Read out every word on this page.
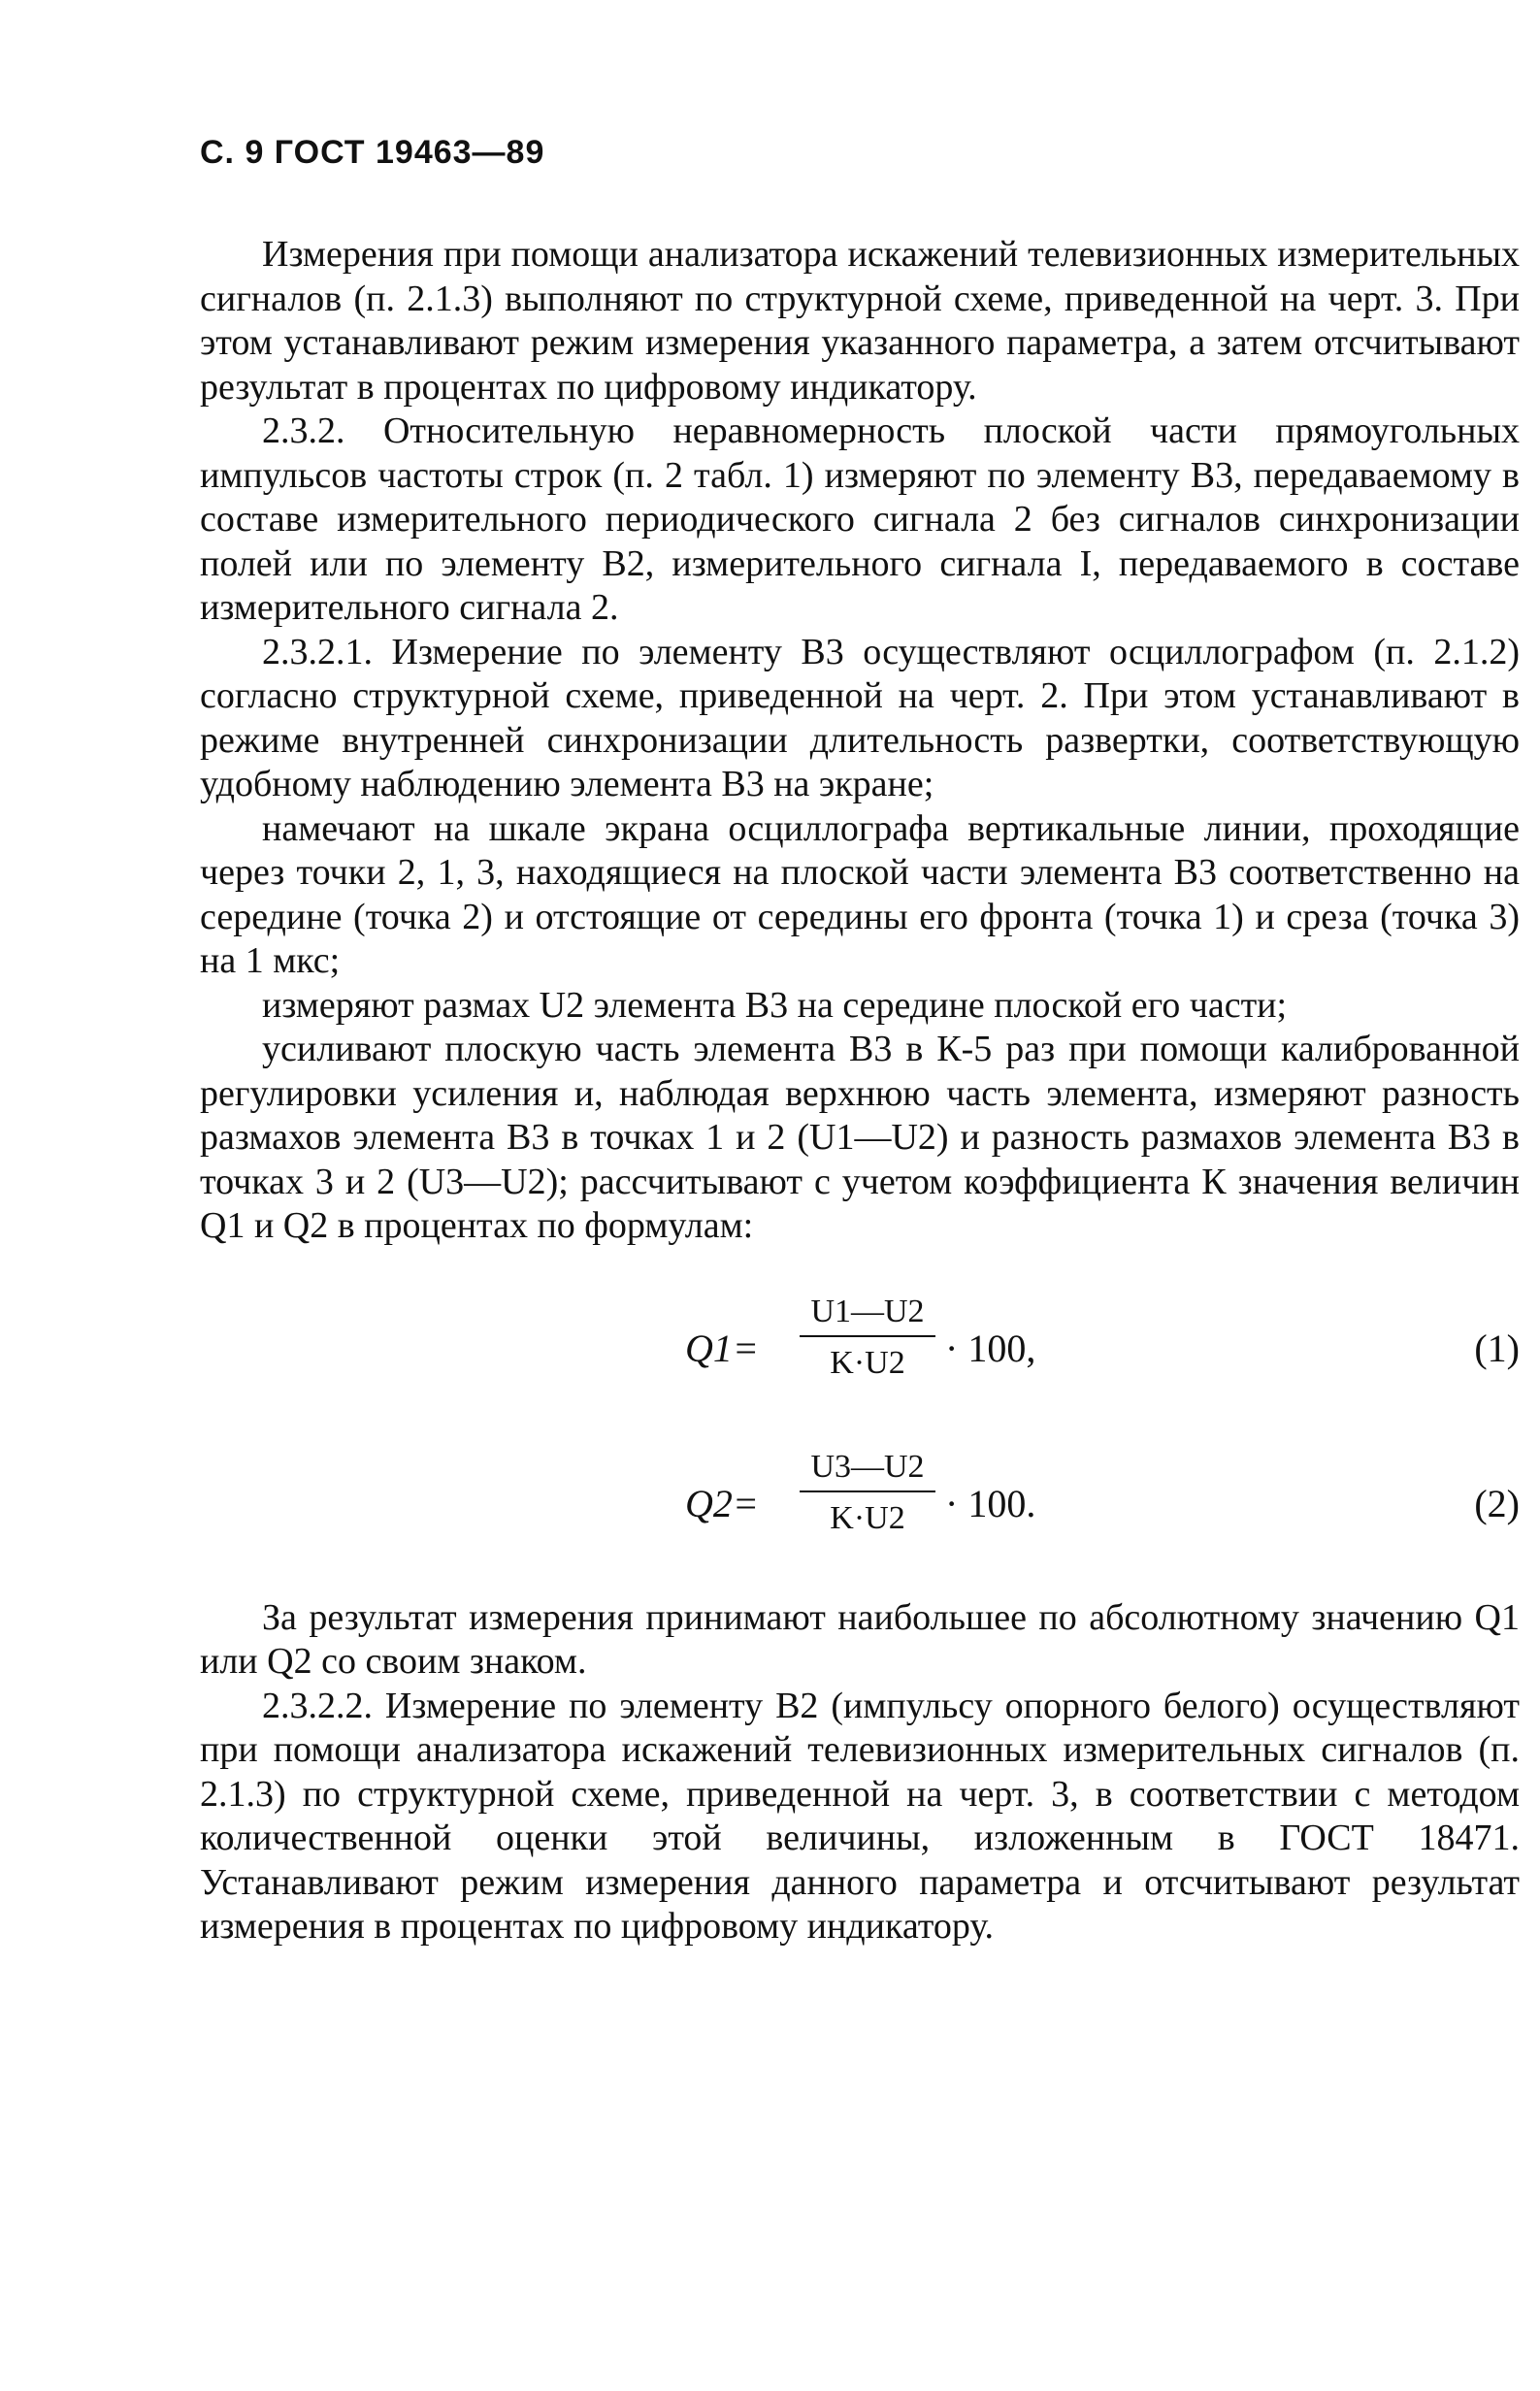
С. 9 ГОСТ 19463—89

Измерения при помощи анализатора искажений телевизионных измерительных сигналов (п. 2.1.3) выполняют по структурной схеме, приведенной на черт. 3. При этом устанавливают режим измерения указанного параметра, а затем отсчитывают результат в процентах по цифровому индикатору.

2.3.2. Относительную неравномерность плоской части прямоугольных импульсов частоты строк (п. 2 табл. 1) измеряют по элементу В3, передаваемому в составе измерительного периодического сигнала 2 без сигналов синхронизации полей или по элементу В2, измерительного сигнала I, передаваемого в составе измерительного сигнала 2.

2.3.2.1. Измерение по элементу В3 осуществляют осциллографом (п. 2.1.2) согласно структурной схеме, приведенной на черт. 2. При этом устанавливают в режиме внутренней синхронизации длительность развертки, соответствующую удобному наблюдению элемента В3 на экране;

намечают на шкале экрана осциллографа вертикальные линии, проходящие через точки 2, 1, 3, находящиеся на плоской части элемента В3 соответственно на середине (точка 2) и отстоящие от середины его фронта (точка 1) и среза (точка 3) на 1 мкс;

измеряют размах U2 элемента В3 на середине плоской его части;

усиливают плоскую часть элемента В3 в К-5 раз при помощи калиброванной регулировки усиления и, наблюдая верхнюю часть элемента, измеряют разность размахов элемента В3 в точках 1 и 2 (U1—U2) и разность размахов элемента В3 в точках 3 и 2 (U3—U2); рассчитывают с учетом коэффициента К значения величин Q1 и Q2 в процентах по формулам:

$Q1= \frac{U1—U2}{K\cdot U2} \cdot 100$,	(1)
$Q2= \frac{U3—U2}{K\cdot U2} \cdot 100$.	(2)

За результат измерения принимают наибольшее по абсолютному значению Q1 или Q2 со своим знаком.

2.3.2.2. Измерение по элементу В2 (импульсу опорного белого) осуществляют при помощи анализатора искажений телевизионных измерительных сигналов (п. 2.1.3) по структурной схеме, приведенной на черт. 3, в соответствии с методом количественной оценки этой величины, изложенным в ГОСТ 18471. Устанавливают режим измерения данного параметра и отсчитывают результат измерения в процентах по цифровому индикатору.
